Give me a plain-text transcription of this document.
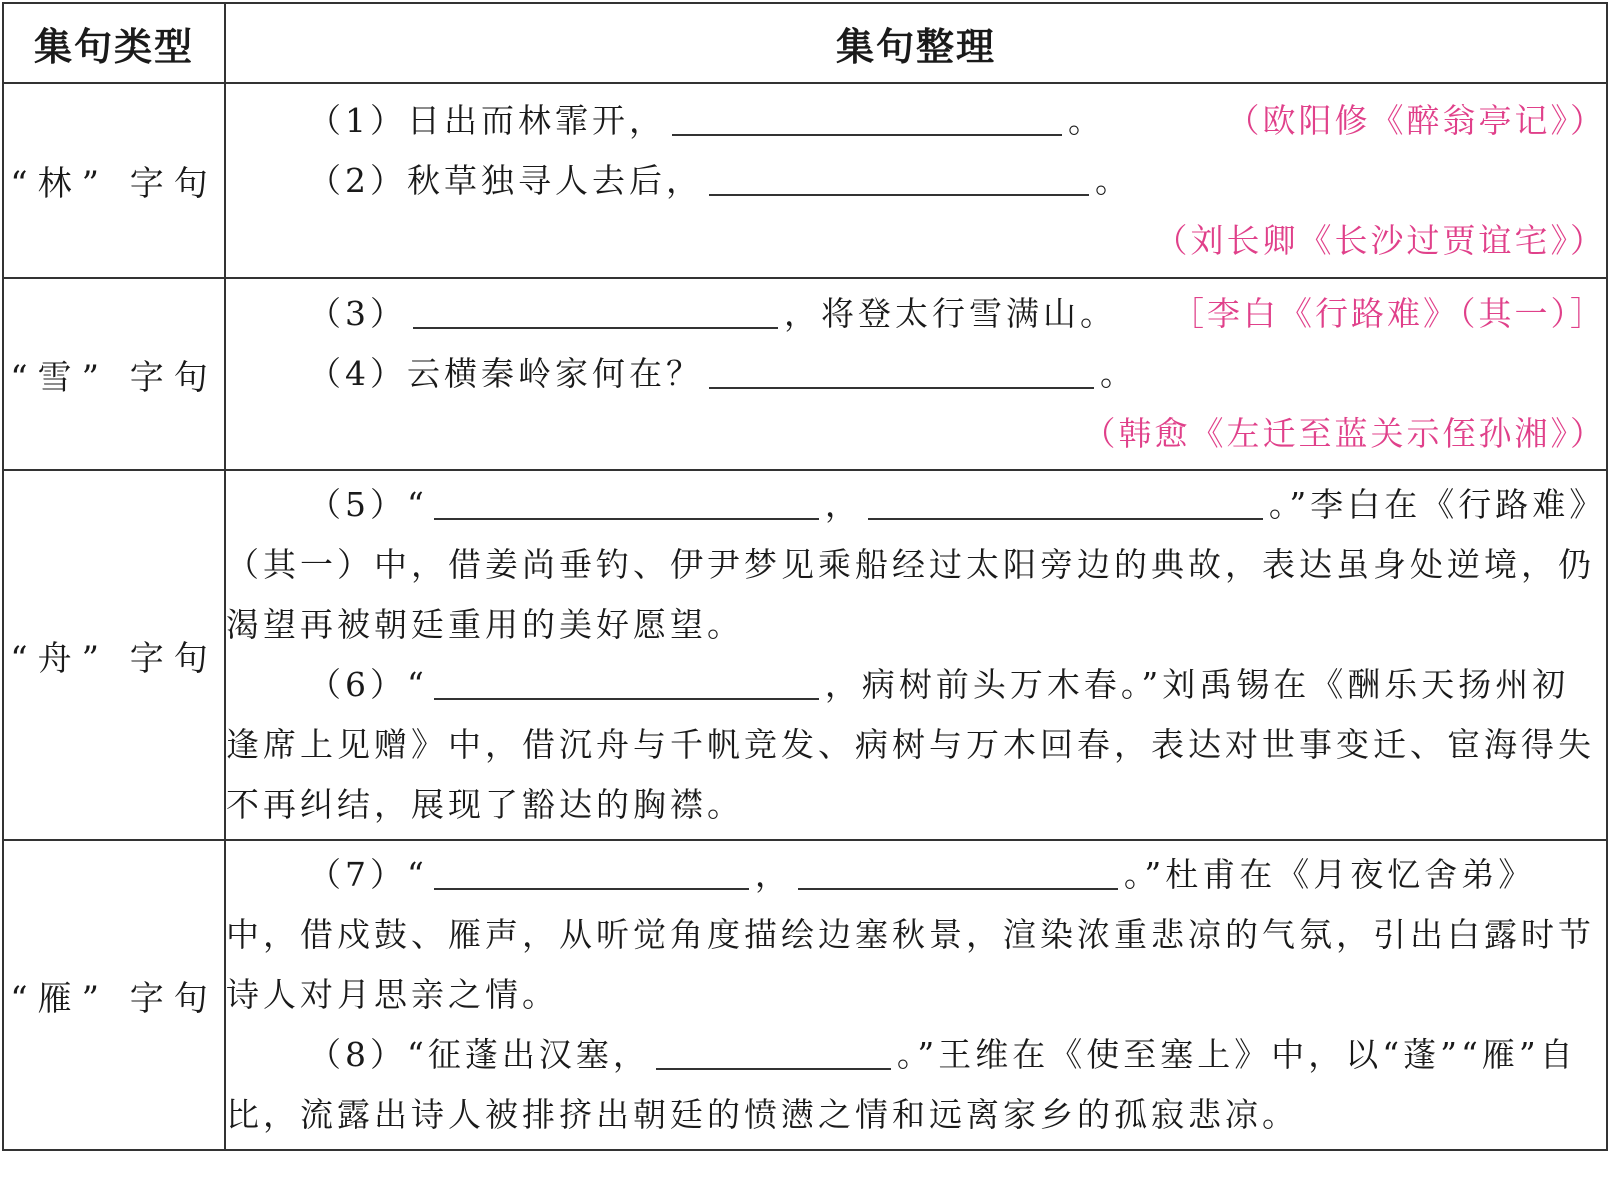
集句类型	集句整理
“林” 字句	（1）日出而林霏开， 。 （欧阳修《醉翁亭记》）
（2）秋草独寻人去后， 。
（刘长卿《长沙过贾谊宅》）

“雪” 字句	（3） ，将登太行雪满山。 ［李白《行路难》（其一）］
（4）云横秦岭家何在？ 。
（韩愈《左迁至蓝关示侄孙湘》）

“舟” 字句	（5）“ ， 。”李白在《行路难》（其一）中，借姜尚垂钓、伊尹梦见乘船经过太阳旁边的典故，表达虽身处逆境，仍渴望再被朝廷重用的美好愿望。
（6）“ ，病树前头万木春。”刘禹锡在《酬乐天扬州初逢席上见赠》中，借沉舟与千帆竞发、病树与万木回春，表达对世事变迁、宦海得失不再纠结，展现了豁达的胸襟。

“雁” 字句	（7）“ ， 。”杜甫在《月夜忆舍弟》中，借戍鼓、雁声，从听觉角度描绘边塞秋景，渲染浓重悲凉的气氛，引出白露时节诗人对月思亲之情。
（8）“征蓬出汉塞， 。”王维在《使至塞上》中，以“蓬”“雁”自比，流露出诗人被排挤出朝廷的愤懑之情和远离家乡的孤寂悲凉。
